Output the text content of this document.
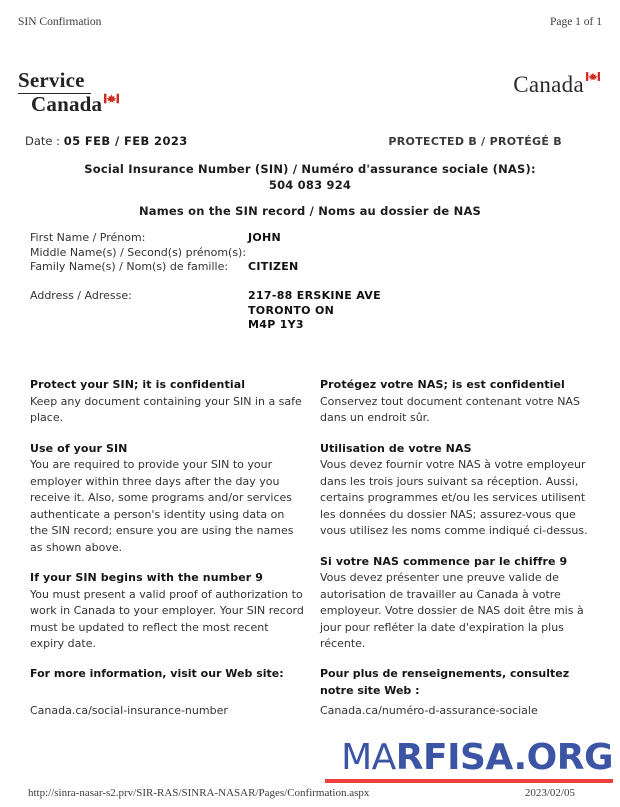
SIN Confirmation	Page 1 of 1
Service
Canada
Canada
Date : 05 FEB / FEB 2023	PROTECTED B / PROTÉGÉ B
Social Insurance Number (SIN) / Numéro d'assurance sociale (NAS):
504 083 924
Names on the SIN record / Noms au dossier de NAS
First Name / Prénom:	JOHN
Middle Name(s) / Second(s) prénom(s):
Family Name(s) / Nom(s) de famille:	CITIZEN
Address / Adresse:	217-88 ERSKINE AVE
TORONTO ON
M4P 1Y3
Protect your SIN; it is confidential

Keep any document containing your SIN in a safe place.

Use of your SIN

You are required to provide your SIN to your employer within three days after the day you receive it. Also, some programs and/or services authenticate a person's identity using data on the SIN record; ensure you are using the names as shown above.

If your SIN begins with the number 9

You must present a valid proof of authorization to work in Canada to your employer. Your SIN record must be updated to reflect the most recent expiry date.

Protégez votre NAS; is est confidentiel

Conservez tout document contenant votre NAS dans un endroit sûr.

Utilisation de votre NAS

Vous devez fournir votre NAS à votre employeur dans les trois jours suivant sa réception. Aussi, certains programmes et/ou les services utilisent les données du dossier NAS; assurez-vous que vous utilisez les noms comme indiqué ci-dessus.

Si votre NAS commence par le chiffre 9

Vous devez présenter une preuve valide de autorisation de travailler au Canada à votre employeur. Votre dossier de NAS doit être mis à jour pour refléter la date d'expiration la plus récente.

For more information, visit our Web site:
Canada.ca/social-insurance-number
Pour plus de renseignements, consultez notre site Web :
Canada.ca/numéro-d-assurance-sociale
MARFISA.ORG
http://sinra-nasar-s2.prv/SIR-RAS/SINRA-NASAR/Pages/Confirmation.aspx	2023/02/05
